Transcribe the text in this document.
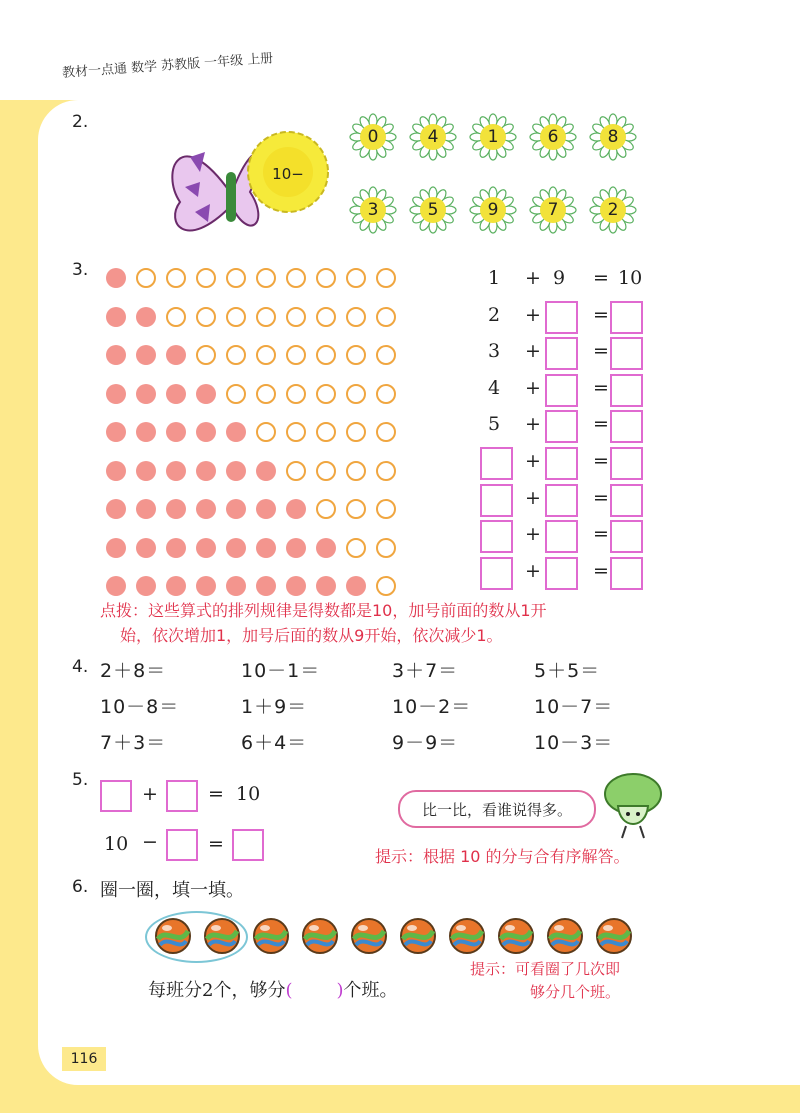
教材一点通 数学 苏教版 一年级 上册
2.
10−
0	4	1	6	8
3	5	9	7	2
3.	1 + 9 = 10
2 +	=
3 +	=
4 +	=
5 +	=
+	=
+	=
+	=
+	=
点拨：这些算式的排列规律是得数都是10，加号前面的数从1开
始，依次增加1，加号后面的数从9开始，依次减少1。
4. 2＋8＝	10－1＝	3＋7＝	5＋5＝
10－8＝	1＋9＝	10－2＝	10－7＝
7＋3＝	6＋4＝	9－9＝	10－3＝
5.
+	= 10
10 −	=
比一比，看谁说得多。
提示：根据 10 的分与合有序解答。
6. 圈一圈，填一填。
每班分2个，够分( )个班。
提示：可看圈了几次即
够分几个班。
116
